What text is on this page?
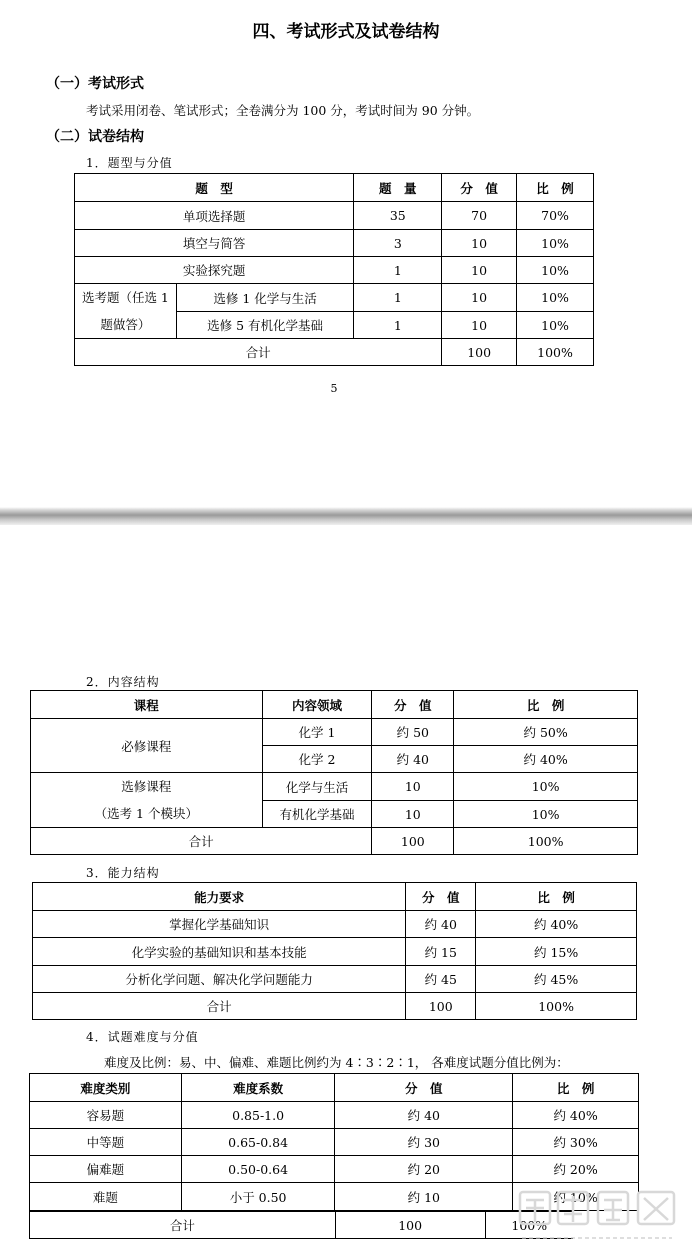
四、考试形式及试卷结构
（一）考试形式
考试采用闭卷、笔试形式；全卷满分为 100 分，考试时间为 90 分钟。
（二）试卷结构
1．题型与分值
题　型		题　量	分　值	比　例
单项选择题		35	70	70%
填空与简答		3	10	10%
实验探究题		1	10	10%
选考题（任选 1 题做答）	选修 1 化学与生活	1	10	10%
	选修 5 有机化学基础	1	10	10%
合计			100	100%
5
2．内容结构
课程	内容领域	分　值	比　例
必修课程	化学 1	约 50	约 50%
	化学 2	约 40	约 40%

选修课程
（选考 1 个模块）	化学与生活	10	10%
	有机化学基础	10	10%
合计		100	100%
3．能力结构
能力要求	分　值	比　例
掌握化学基础知识	约 40	约 40%
化学实验的基础知识和基本技能	约 15	约 15%
分析化学问题、解决化学问题能力	约 45	约 45%
合计	100	100%
4．试题难度与分值
难度及比例：易、中、偏难、难题比例约为 4∶3∶2∶1， 各难度试题分值比例为：
难度类别	难度系数	分　值	比　例
容易题	0.85-1.0	约 40	约 40%
中等题	0.65-0.84	约 30	约 30%
偏难题	0.50-0.64	约 20	约 20%
难题	小于 0.50	约 10	约 10%
合计	100	100%
